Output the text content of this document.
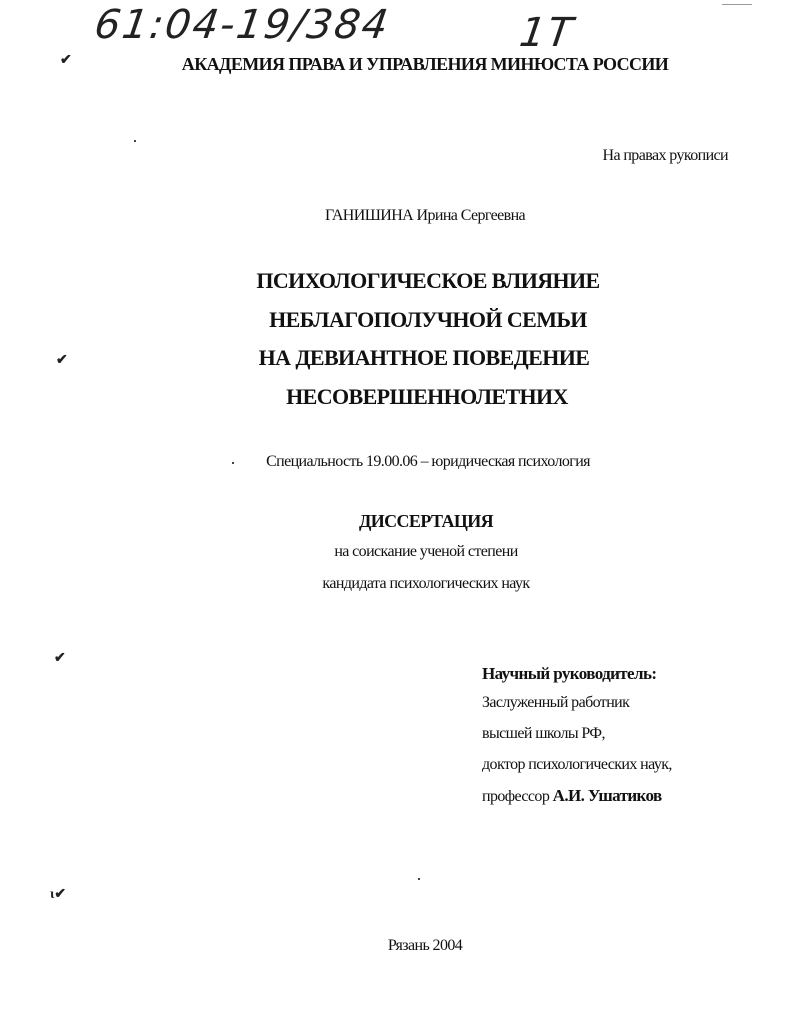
61:04-19/384	1T
✔
✔
✔
ɩ✔
АКАДЕМИЯ ПРАВА И УПРАВЛЕНИЯ МИНЮСТА РОССИИ
На правах рукописи
ГАНИШИНА Ирина Сергеевна
ПСИХОЛОГИЧЕСКОЕ ВЛИЯНИЕ
НЕБЛАГОПОЛУЧНОЙ СЕМЬИ
НА ДЕВИАНТНОЕ ПОВЕДЕНИЕ
НЕСОВЕРШЕННОЛЕТНИХ
Специальность 19.00.06 – юридическая психология
ДИССЕРТАЦИЯ
на соискание ученой степени
кандидата психологических наук
Научный руководитель:
Заслуженный работник
высшей школы РФ,
доктор психологических наук,
профессор А.И. Ушатиков
Рязань 2004
